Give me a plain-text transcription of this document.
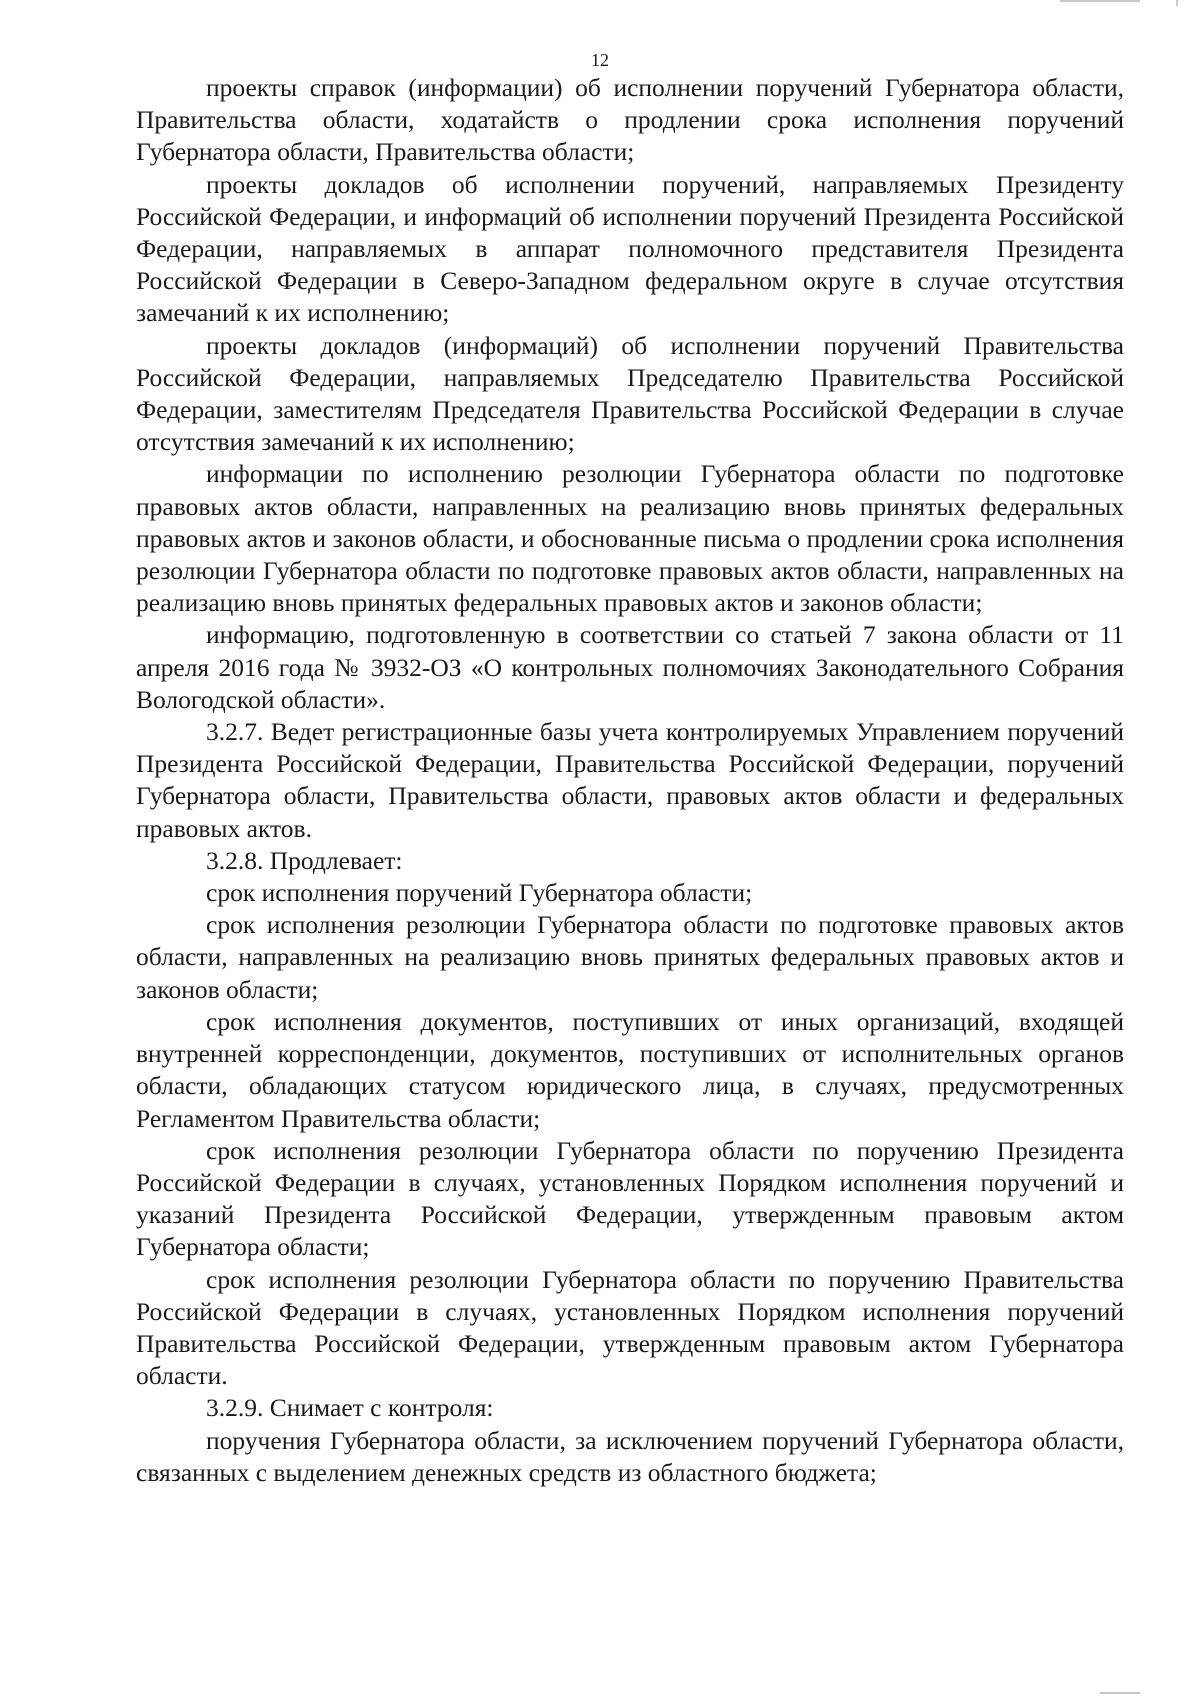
12

проекты справок (информации) об исполнении поручений Губернатора области, Правительства области, ходатайств о продлении срока исполнения поручений Губернатора области, Правительства области;

проекты докладов об исполнении поручений, направляемых Президенту Российской Федерации, и информаций об исполнении поручений Президента Российской Федерации, направляемых в аппарат полномочного представителя Президента Российской Федерации в Северо-Западном федеральном округе в случае отсутствия замечаний к их исполнению;

проекты докладов (информаций) об исполнении поручений Правительства Российской Федерации, направляемых Председателю Правительства Российской Федерации, заместителям Председателя Правительства Российской Федерации в случае отсутствия замечаний к их исполнению;

информации по исполнению резолюции Губернатора области по подготовке правовых актов области, направленных на реализацию вновь принятых федеральных правовых актов и законов области, и обоснованные письма о продлении срока исполнения резолюции Губернатора области по подготовке правовых актов области, направленных на реализацию вновь принятых федеральных правовых актов и законов области;

информацию, подготовленную в соответствии со статьей 7 закона области от 11 апреля 2016 года № 3932-ОЗ «О контрольных полномочиях Законодательного Собрания Вологодской области».

3.2.7. Ведет регистрационные базы учета контролируемых Управлением поручений Президента Российской Федерации, Правительства Российской Федерации, поручений Губернатора области, Правительства области, правовых актов области и федеральных правовых актов.

3.2.8. Продлевает:

срок исполнения поручений Губернатора области;

срок исполнения резолюции Губернатора области по подготовке правовых актов области, направленных на реализацию вновь принятых федеральных правовых актов и законов области;

срок исполнения документов, поступивших от иных организаций, входящей внутренней корреспонденции, документов, поступивших от исполнительных органов области, обладающих статусом юридического лица, в случаях, предусмотренных Регламентом Правительства области;

срок исполнения резолюции Губернатора области по поручению Президента Российской Федерации в случаях, установленных Порядком исполнения поручений и указаний Президента Российской Федерации, утвержденным правовым актом Губернатора области;

срок исполнения резолюции Губернатора области по поручению Правительства Российской Федерации в случаях, установленных Порядком исполнения поручений Правительства Российской Федерации, утвержденным правовым актом Губернатора области.

3.2.9. Снимает с контроля:

поручения Губернатора области, за исключением поручений Губернатора области, связанных с выделением денежных средств из областного бюджета;
